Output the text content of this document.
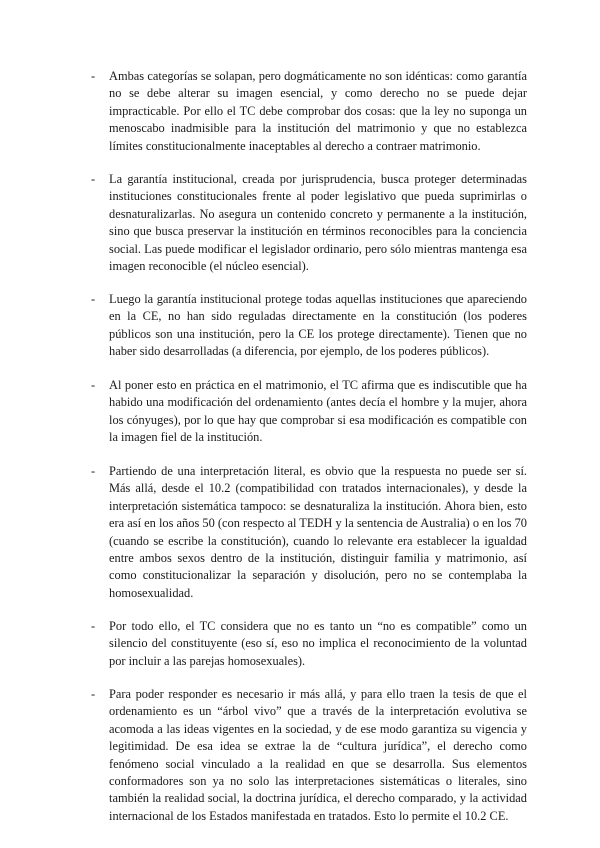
- Ambas categorías se solapan, pero dogmáticamente no son idénticas: como garantía no se debe alterar su imagen esencial, y como derecho no se puede dejar impracticable. Por ello el TC debe comprobar dos cosas: que la ley no suponga un menoscabo inadmisible para la institución del matrimonio y que no establezca límites constitucionalmente inaceptables al derecho a contraer matrimonio.
- La garantía institucional, creada por jurisprudencia, busca proteger determinadas instituciones constitucionales frente al poder legislativo que pueda suprimirlas o desnaturalizarlas. No asegura un contenido concreto y permanente a la institución, sino que busca preservar la institución en términos reconocibles para la conciencia social. Las puede modificar el legislador ordinario, pero sólo mientras mantenga esa imagen reconocible (el núcleo esencial).
- Luego la garantía institucional protege todas aquellas instituciones que apareciendo en la CE, no han sido reguladas directamente en la constitución (los poderes públicos son una institución, pero la CE los protege directamente). Tienen que no haber sido desarrolladas (a diferencia, por ejemplo, de los poderes públicos).
- Al poner esto en práctica en el matrimonio, el TC afirma que es indiscutible que ha habido una modificación del ordenamiento (antes decía el hombre y la mujer, ahora los cónyuges), por lo que hay que comprobar si esa modificación es compatible con la imagen fiel de la institución.
- Partiendo de una interpretación literal, es obvio que la respuesta no puede ser sí. Más allá, desde el 10.2 (compatibilidad con tratados internacionales), y desde la interpretación sistemática tampoco: se desnaturaliza la institución. Ahora bien, esto era así en los años 50 (con respecto al TEDH y la sentencia de Australia) o en los 70 (cuando se escribe la constitución), cuando lo relevante era establecer la igualdad entre ambos sexos dentro de la institución, distinguir familia y matrimonio, así como constitucionalizar la separación y disolución, pero no se contemplaba la homosexualidad.
- Por todo ello, el TC considera que no es tanto un “no es compatible” como un silencio del constituyente (eso sí, eso no implica el reconocimiento de la voluntad por incluir a las parejas homosexuales).
- Para poder responder es necesario ir más allá, y para ello traen la tesis de que el ordenamiento es un “árbol vivo” que a través de la interpretación evolutiva se acomoda a las ideas vigentes en la sociedad, y de ese modo garantiza su vigencia y legitimidad. De esa idea se extrae la de “cultura jurídica”, el derecho como fenómeno social vinculado a la realidad en que se desarrolla. Sus elementos conformadores son ya no solo las interpretaciones sistemáticas o literales, sino también la realidad social, la doctrina jurídica, el derecho comparado, y la actividad internacional de los Estados manifestada en tratados. Esto lo permite el 10.2 CE.
